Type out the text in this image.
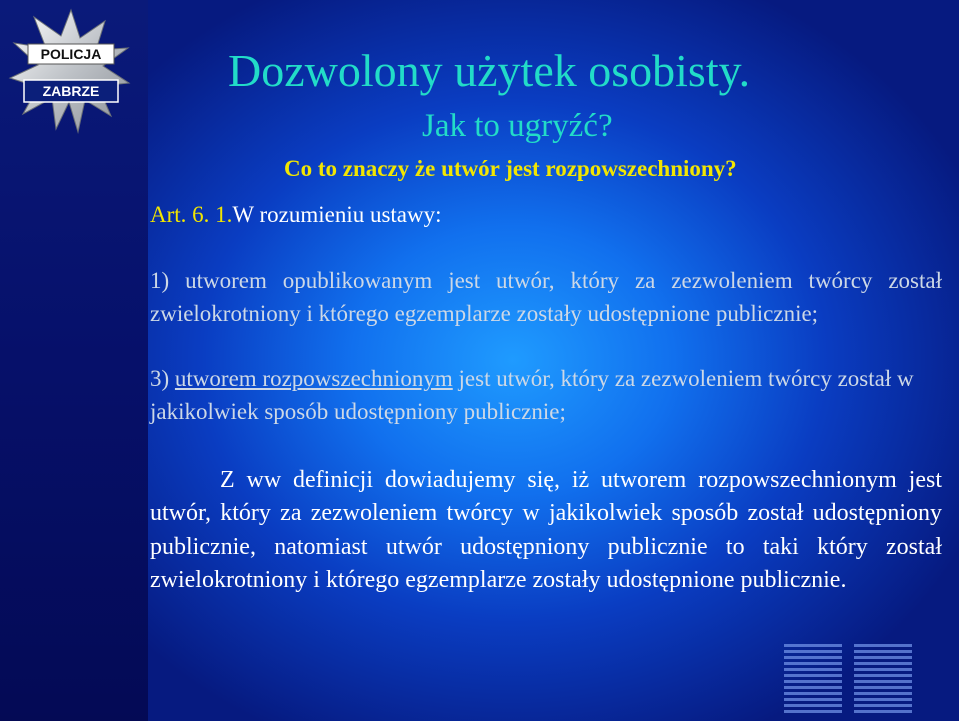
POLICJA
ZABRZE	Dozwolony użytek osobisty.
Jak to ugryźć?
Co to znaczy że utwór jest rozpowszechniony?
Art. 6. 1.W rozumieniu ustawy:

1) utworem opublikowanym jest utwór, który za zezwoleniem twórcy został zwielokrotniony i którego egzemplarze zostały udostępnione publicznie;

3) utworem rozpowszechnionym jest utwór, który za zezwoleniem twórcy został w jakikolwiek sposób udostępniony publicznie;

Z ww definicji dowiadujemy się, iż utworem rozpowszechnionym jest utwór, który za zezwoleniem twórcy w jakikolwiek sposób został udostępniony publicznie, natomiast utwór udostępniony publicznie to taki który został zwielokrotniony i którego egzemplarze zostały udostępnione publicznie.
